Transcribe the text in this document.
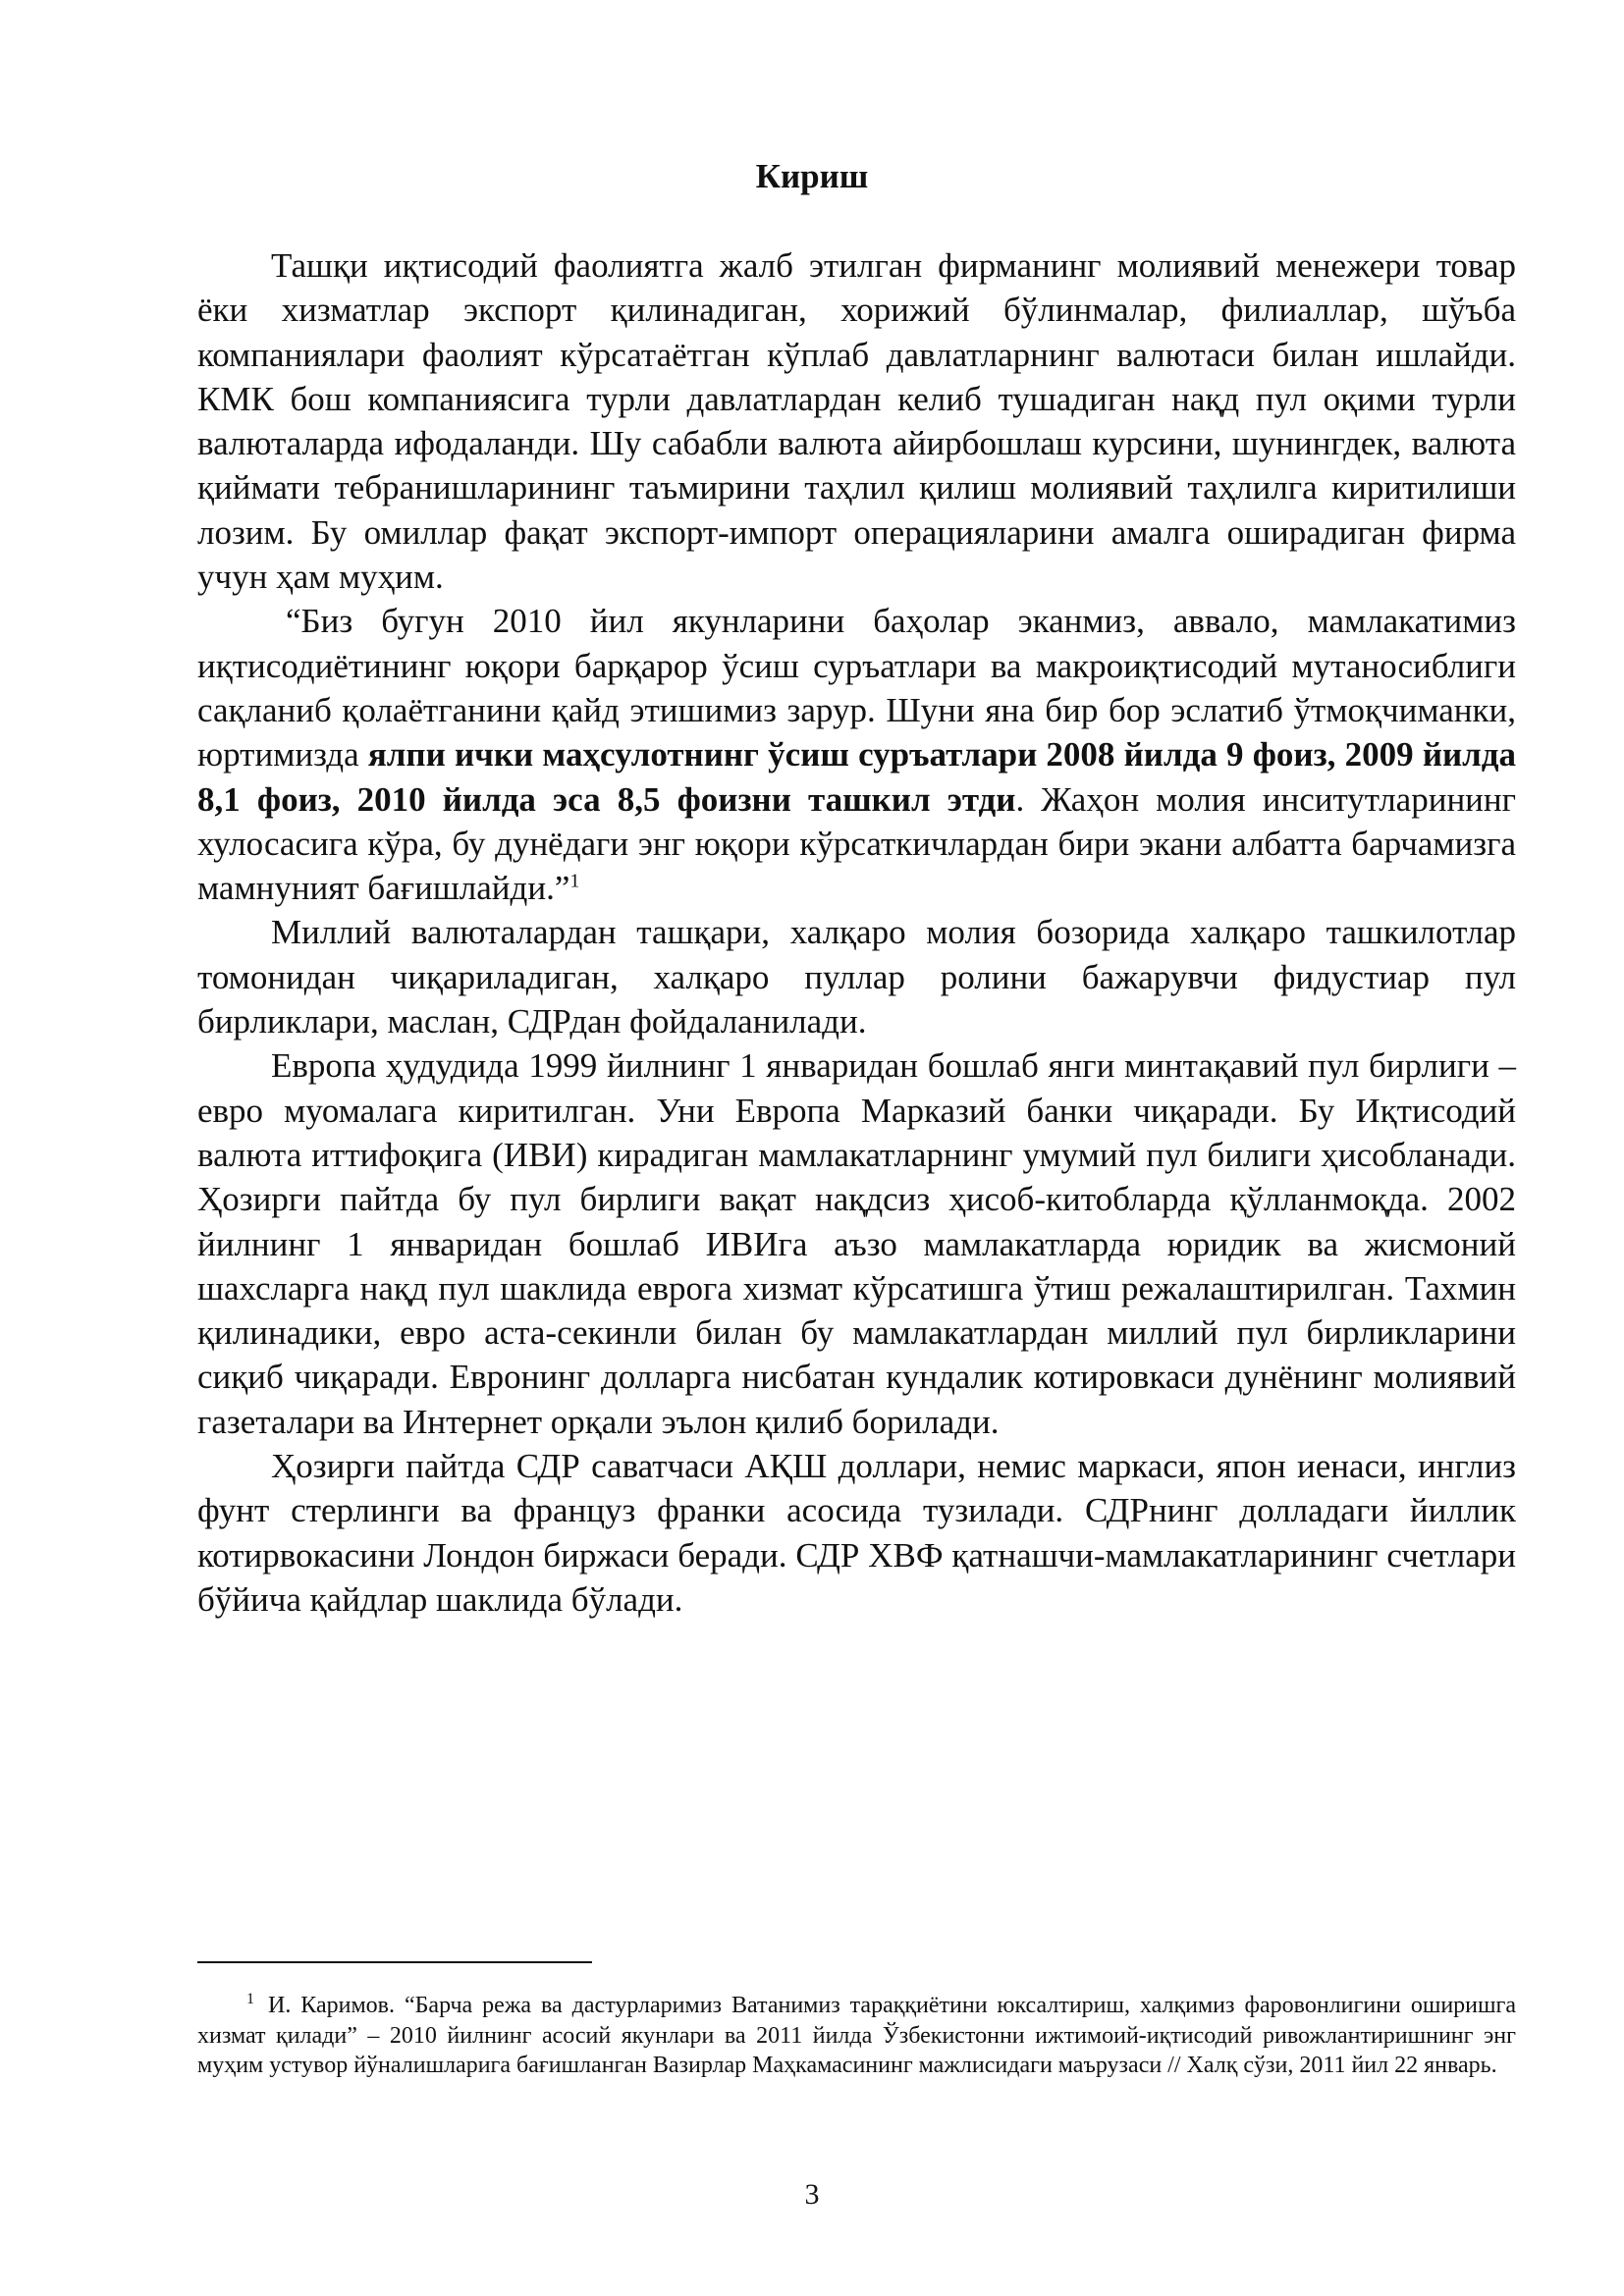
Кириш

Ташқи иқтисодий фаолиятга жалб этилган фирманинг молиявий менежери товар ёки хизматлар экспорт қилинадиган, хорижий бўлинмалар, филиаллар, шўъба компаниялари фаолият кўрсатаётган кўплаб давлатларнинг валютаси билан ишлайди. КМК бош компаниясига турли давлатлардан келиб тушадиган нақд пул оқими турли валюталарда ифодаланди. Шу сабабли валюта айирбошлаш курсини, шунингдек, валюта қиймати тебранишларининг таъмирини таҳлил қилиш молиявий таҳлилга киритилиши лозим. Бу омиллар фақат экспорт-импорт операцияларини амалга оширадиган фирма учун ҳам муҳим.

“Биз бугун 2010 йил якунларини баҳолар эканмиз, аввало, мамлакатимиз иқтисодиётининг юқори барқарор ўсиш суръатлари ва макроиқтисодий мутаносиблиги сақланиб қолаётганини қайд этишимиз зарур. Шуни яна бир бор эслатиб ўтмоқчиманки, юртимизда ялпи ички маҳсулотнинг ўсиш суръатлари 2008 йилда 9 фоиз, 2009 йилда 8,1 фоиз, 2010 йилда эса 8,5 фоизни ташкил этди. Жаҳон молия инситутларининг хулосасига кўра, бу дунёдаги энг юқори кўрсаткичлардан бири экани албатта барчамизга мамнуният бағишлайди.”$^1$

Миллий валюталардан ташқари, халқаро молия бозорида халқаро ташкилотлар томонидан чиқариладиган, халқаро пуллар ролини бажарувчи фидустиар пул бирликлари, маслан, СДРдан фойдаланилади.

Европа ҳудудида 1999 йилнинг 1 январидан бошлаб янги минтақавий пул бирлиги – евро муомалага киритилган. Уни Европа Марказий банки чиқаради. Бу Иқтисодий валюта иттифоқига (ИВИ) кирадиган мамлакатларнинг умумий пул билиги ҳисобланади. Ҳозирги пайтда бу пул бирлиги вақат нақдсиз ҳисоб-китобларда қўлланмоқда. 2002 йилнинг 1 январидан бошлаб ИВИга аъзо мамлакатларда юридик ва жисмоний шахсларга нақд пул шаклида еврога хизмат кўрсатишга ўтиш режалаштирилган. Тахмин қилинадики, евро аста-секинли билан бу мамлакатлардан миллий пул бирликларини сиқиб чиқаради. Евронинг долларга нисбатан кундалик котировкаси дунёнинг молиявий газеталари ва Интернет орқали эълон қилиб борилади.

Ҳозирги пайтда СДР саватчаси АҚШ доллари, немис маркаси, япон иенаси, инглиз фунт стерлинги ва француз франки асосида тузилади. СДРнинг долладаги йиллик котирвокасини Лондон биржаси беради. СДР ХВФ қатнашчи-мамлакатларининг счетлари бўйича қайдлар шаклида бўлади.

$^1$ И. Каримов. “Барча режа ва дастурларимиз Ватанимиз тараққиётини юксалтириш, халқимиз фаровонлигини оширишга хизмат қилади” – 2010 йилнинг асосий якунлари ва 2011 йилда Ўзбекистонни ижтимоий-иқтисодий ривожлантиришнинг энг муҳим устувор йўналишларига бағишланган Вазирлар Маҳкамасининг мажлисидаги маърузаси // Халқ сўзи, 2011 йил 22 январь.
3
